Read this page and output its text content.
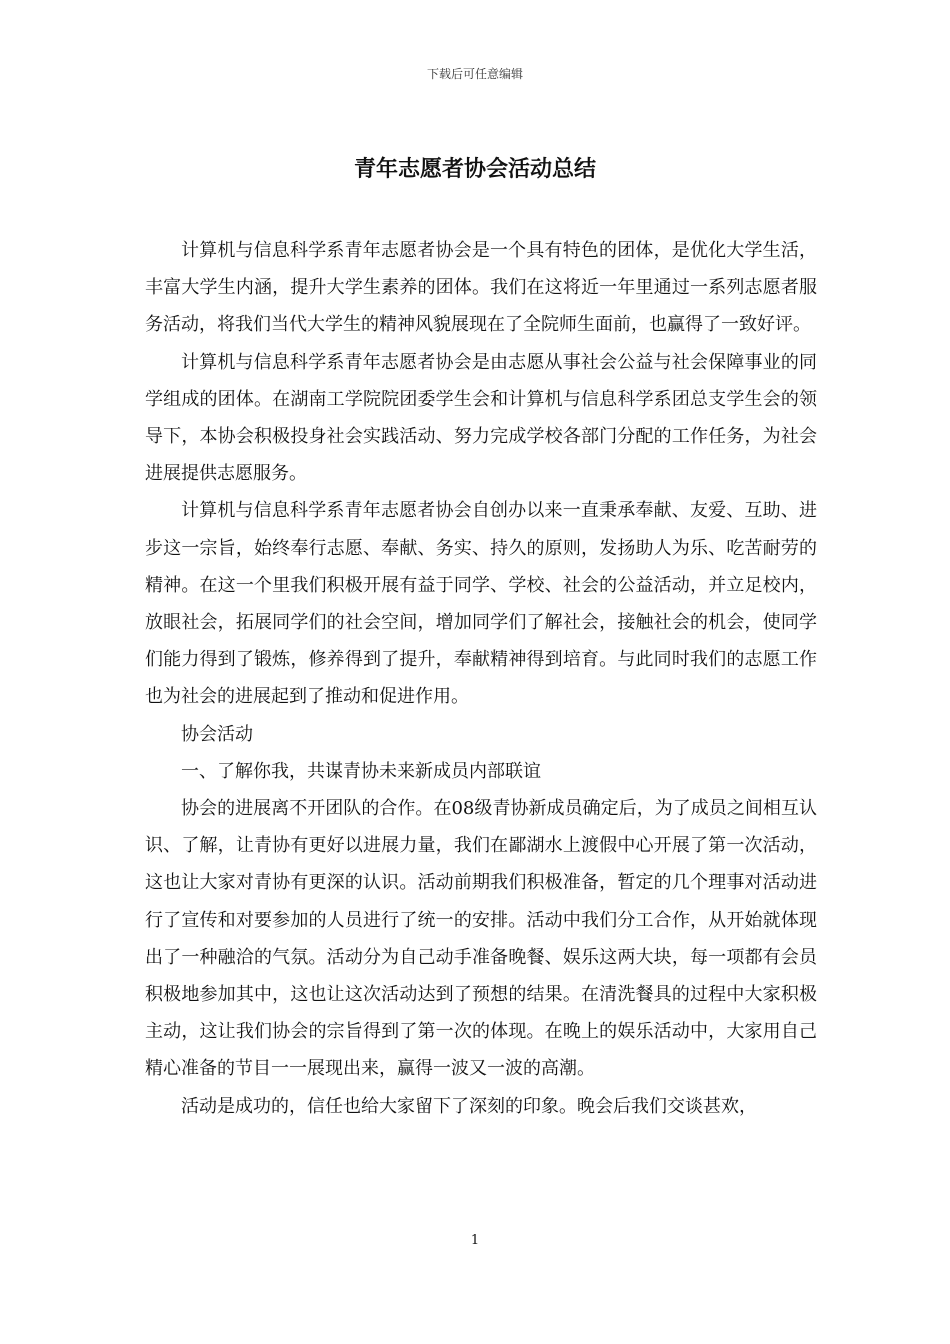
下载后可任意编辑
青年志愿者协会活动总结

计算机与信息科学系青年志愿者协会是一个具有特色的团体，是优化大学生活，丰富大学生内涵，提升大学生素养的团体。我们在这将近一年里通过一系列志愿者服务活动，将我们当代大学生的精神风貌展现在了全院师生面前，也赢得了一致好评。

计算机与信息科学系青年志愿者协会是由志愿从事社会公益与社会保障事业的同学组成的团体。在湖南工学院院团委学生会和计算机与信息科学系团总支学生会的领导下，本协会积极投身社会实践活动、努力完成学校各部门分配的工作任务，为社会进展提供志愿服务。

计算机与信息科学系青年志愿者协会自创办以来一直秉承奉献、友爱、互助、进步这一宗旨，始终奉行志愿、奉献、务实、持久的原则，发扬助人为乐、吃苦耐劳的精神。在这一个里我们积极开展有益于同学、学校、社会的公益活动，并立足校内，放眼社会，拓展同学们的社会空间，增加同学们了解社会，接触社会的机会，使同学们能力得到了锻炼，修养得到了提升，奉献精神得到培育。与此同时我们的志愿工作也为社会的进展起到了推动和促进作用。

协会活动

一、了解你我，共谋青协未来新成员内部联谊

协会的进展离不开团队的合作。在08级青协新成员确定后，为了成员之间相互认识、了解，让青协有更好以进展力量，我们在鄙湖水上渡假中心开展了第一次活动，这也让大家对青协有更深的认识。活动前期我们积极准备，暂定的几个理事对活动进行了宣传和对要参加的人员进行了统一的安排。活动中我们分工合作，从开始就体现出了一种融洽的气氛。活动分为自己动手准备晚餐、娱乐这两大块，每一项都有会员积极地参加其中，这也让这次活动达到了预想的结果。在清洗餐具的过程中大家积极主动，这让我们协会的宗旨得到了第一次的体现。在晚上的娱乐活动中，大家用自己精心准备的节目一一展现出来，赢得一波又一波的高潮。

活动是成功的，信任也给大家留下了深刻的印象。晚会后我们交谈甚欢，

1
